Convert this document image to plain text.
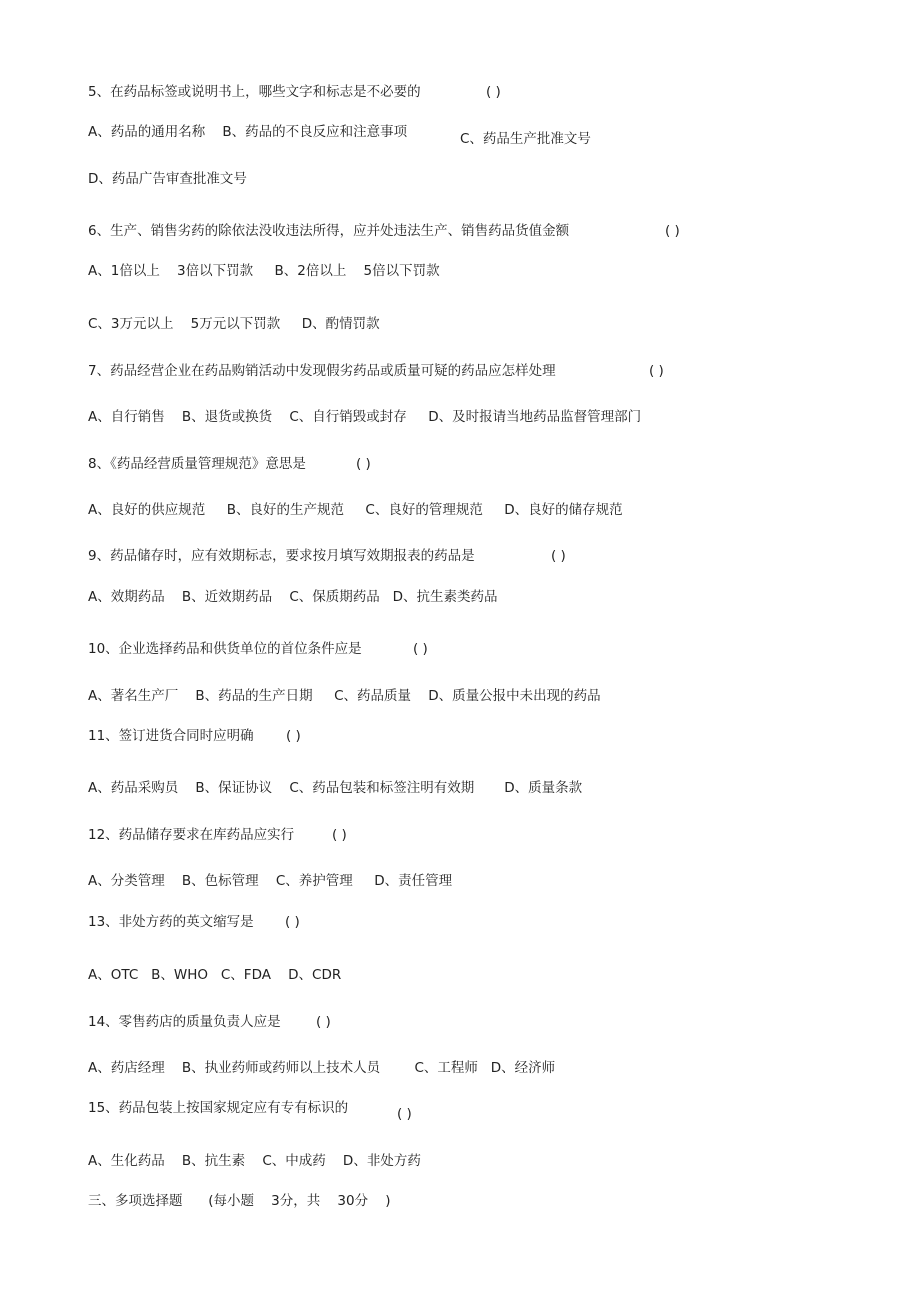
5、在药品标签或说明书上，哪些文字和标志是不必要的	( )
A、药品的通用名称    B、药品的不良反应和注意事项	C、药品生产批准文号
D、药品广告审查批准文号
6、生产、销售劣药的除依法没收违法所得，应并处违法生产、销售药品货值金额	( )
A、1倍以上    3倍以下罚款     B、2倍以上    5倍以下罚款
C、3万元以上    5万元以下罚款     D、酌情罚款
7、药品经营企业在药品购销活动中发现假劣药品或质量可疑的药品应怎样处理	( )
A、自行销售    B、退货或换货    C、自行销毁或封存     D、及时报请当地药品监督管理部门
8、《药品经营质量管理规范》意思是	( )
A、良好的供应规范     B、良好的生产规范     C、良好的管理规范     D、良好的储存规范
9、药品储存时，应有效期标志，要求按月填写效期报表的药品是	( )
A、效期药品    B、近效期药品    C、保质期药品   D、抗生素类药品
10、企业选择药品和供货单位的首位条件应是	( )
A、著名生产厂    B、药品的生产日期     C、药品质量    D、质量公报中未出现的药品
11、签订进货合同时应明确 ( )
A、药品采购员    B、保证协议    C、药品包装和标签注明有效期       D、质量条款
12、药品储存要求在库药品应实行	( )
A、分类管理    B、色标管理    C、养护管理     D、责任管理
13、非处方药的英文缩写是 ( )
A、OTC   B、WHO   C、FDA    D、CDR
14、零售药店的质量负责人应是	( )
A、药店经理    B、执业药师或药师以上技术人员        C、工程师   D、经济师
15、药品包装上按国家规定应有专有标识的	( )
A、生化药品    B、抗生素    C、中成药    D、非处方药
三、多项选择题      (每小题    3分，共    30分    )
